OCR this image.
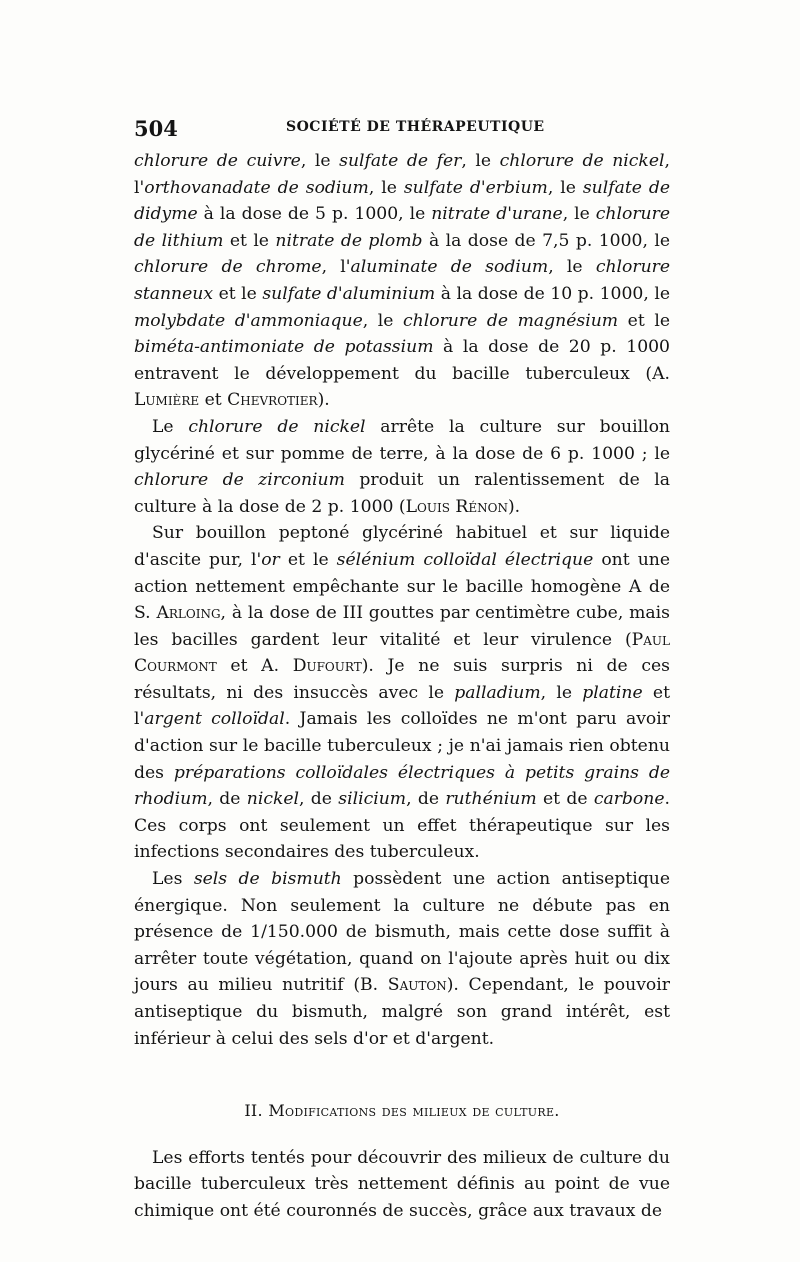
504	SOCIÉTÉ DE THÉRAPEUTIQUE

chlorure de cuivre, le sulfate de fer, le chlorure de nickel, l'orthovanadate de sodium, le sulfate d'erbium, le sulfate de didyme à la dose de 5 p. 1000, le nitrate d'urane, le chlorure de lithium et le nitrate de plomb à la dose de 7,5 p. 1000, le chlorure de chrome, l'aluminate de sodium, le chlorure stanneux et le sulfate d'aluminium à la dose de 10 p. 1000, le molybdate d'ammoniaque, le chlorure de magnésium et le biméta-antimoniate de potassium à la dose de 20 p. 1000 entravent le développement du bacille tuberculeux (A. Lumière et Chevrotier).

Le chlorure de nickel arrête la culture sur bouillon glycériné et sur pomme de terre, à la dose de 6 p. 1000 ; le chlorure de zirconium produit un ralentissement de la culture à la dose de 2 p. 1000 (Louis Rénon).

Sur bouillon peptoné glycériné habituel et sur liquide d'ascite pur, l'or et le sélénium colloïdal électrique ont une action nettement empêchante sur le bacille homogène A de S. Arloing, à la dose de III gouttes par centimètre cube, mais les bacilles gardent leur vitalité et leur virulence (Paul Courmont et A. Dufourt). Je ne suis surpris ni de ces résultats, ni des insuccès avec le palladium, le platine et l'argent colloïdal. Jamais les colloïdes ne m'ont paru avoir d'action sur le bacille tuberculeux ; je n'ai jamais rien obtenu des préparations colloïdales électriques à petits grains de rhodium, de nickel, de silicium, de ruthénium et de carbone. Ces corps ont seulement un effet thérapeutique sur les infections secondaires des tuberculeux.

Les sels de bismuth possèdent une action antiseptique énergique. Non seulement la culture ne débute pas en présence de 1/150.000 de bismuth, mais cette dose suffit à arrêter toute végétation, quand on l'ajoute après huit ou dix jours au milieu nutritif (B. Sauton). Cependant, le pouvoir antiseptique du bismuth, malgré son grand intérêt, est inférieur à celui des sels d'or et d'argent.

II. Modifications des milieux de culture.

Les efforts tentés pour découvrir des milieux de culture du bacille tuberculeux très nettement définis au point de vue chimique ont été couronnés de succès, grâce aux travaux de
